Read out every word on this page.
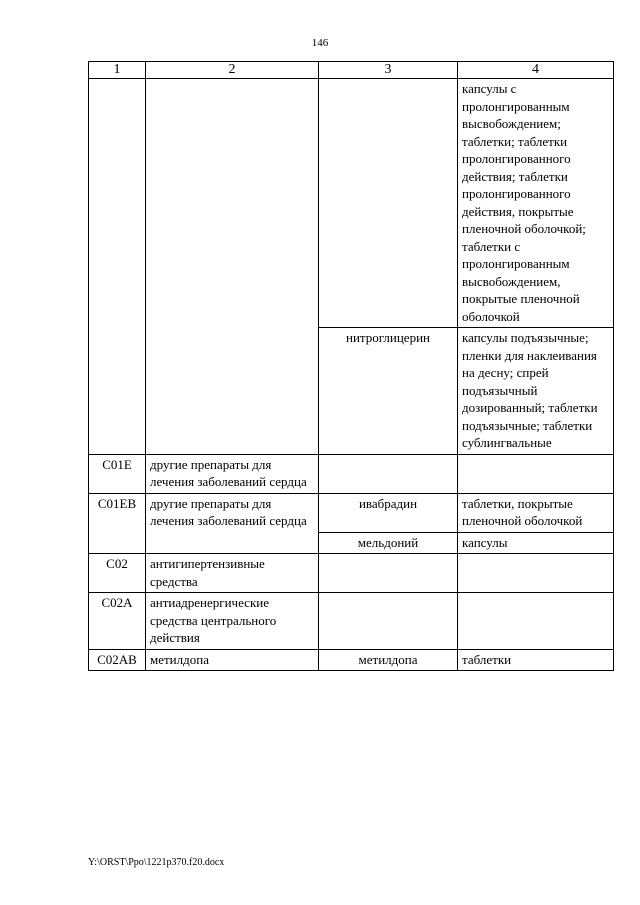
146
1	2	3	4
			капсулы с пролонгированным высвобождением; таблетки; таблетки пролонгированного действия; таблетки пролонгированного действия, покрытые пленочной оболочкой; таблетки с пролонгированным высвобождением, покрытые пленочной оболочкой
		нитроглицерин	капсулы подъязычные; пленки для наклеивания на десну; спрей подъязычный дозированный; таблетки подъязычные; таблетки сублингвальные
C01E	другие препараты для лечения заболеваний сердца		
C01EB	другие препараты для лечения заболеваний сердца	ивабрадин	таблетки, покрытые пленочной оболочкой
		мельдоний	капсулы
C02	антигипертензивные средства		
C02A	антиадренергические средства центрального действия		
C02AB	метилдопа	метилдопа	таблетки
Y:\ORST\Ppo\1221p370.f20.docx
